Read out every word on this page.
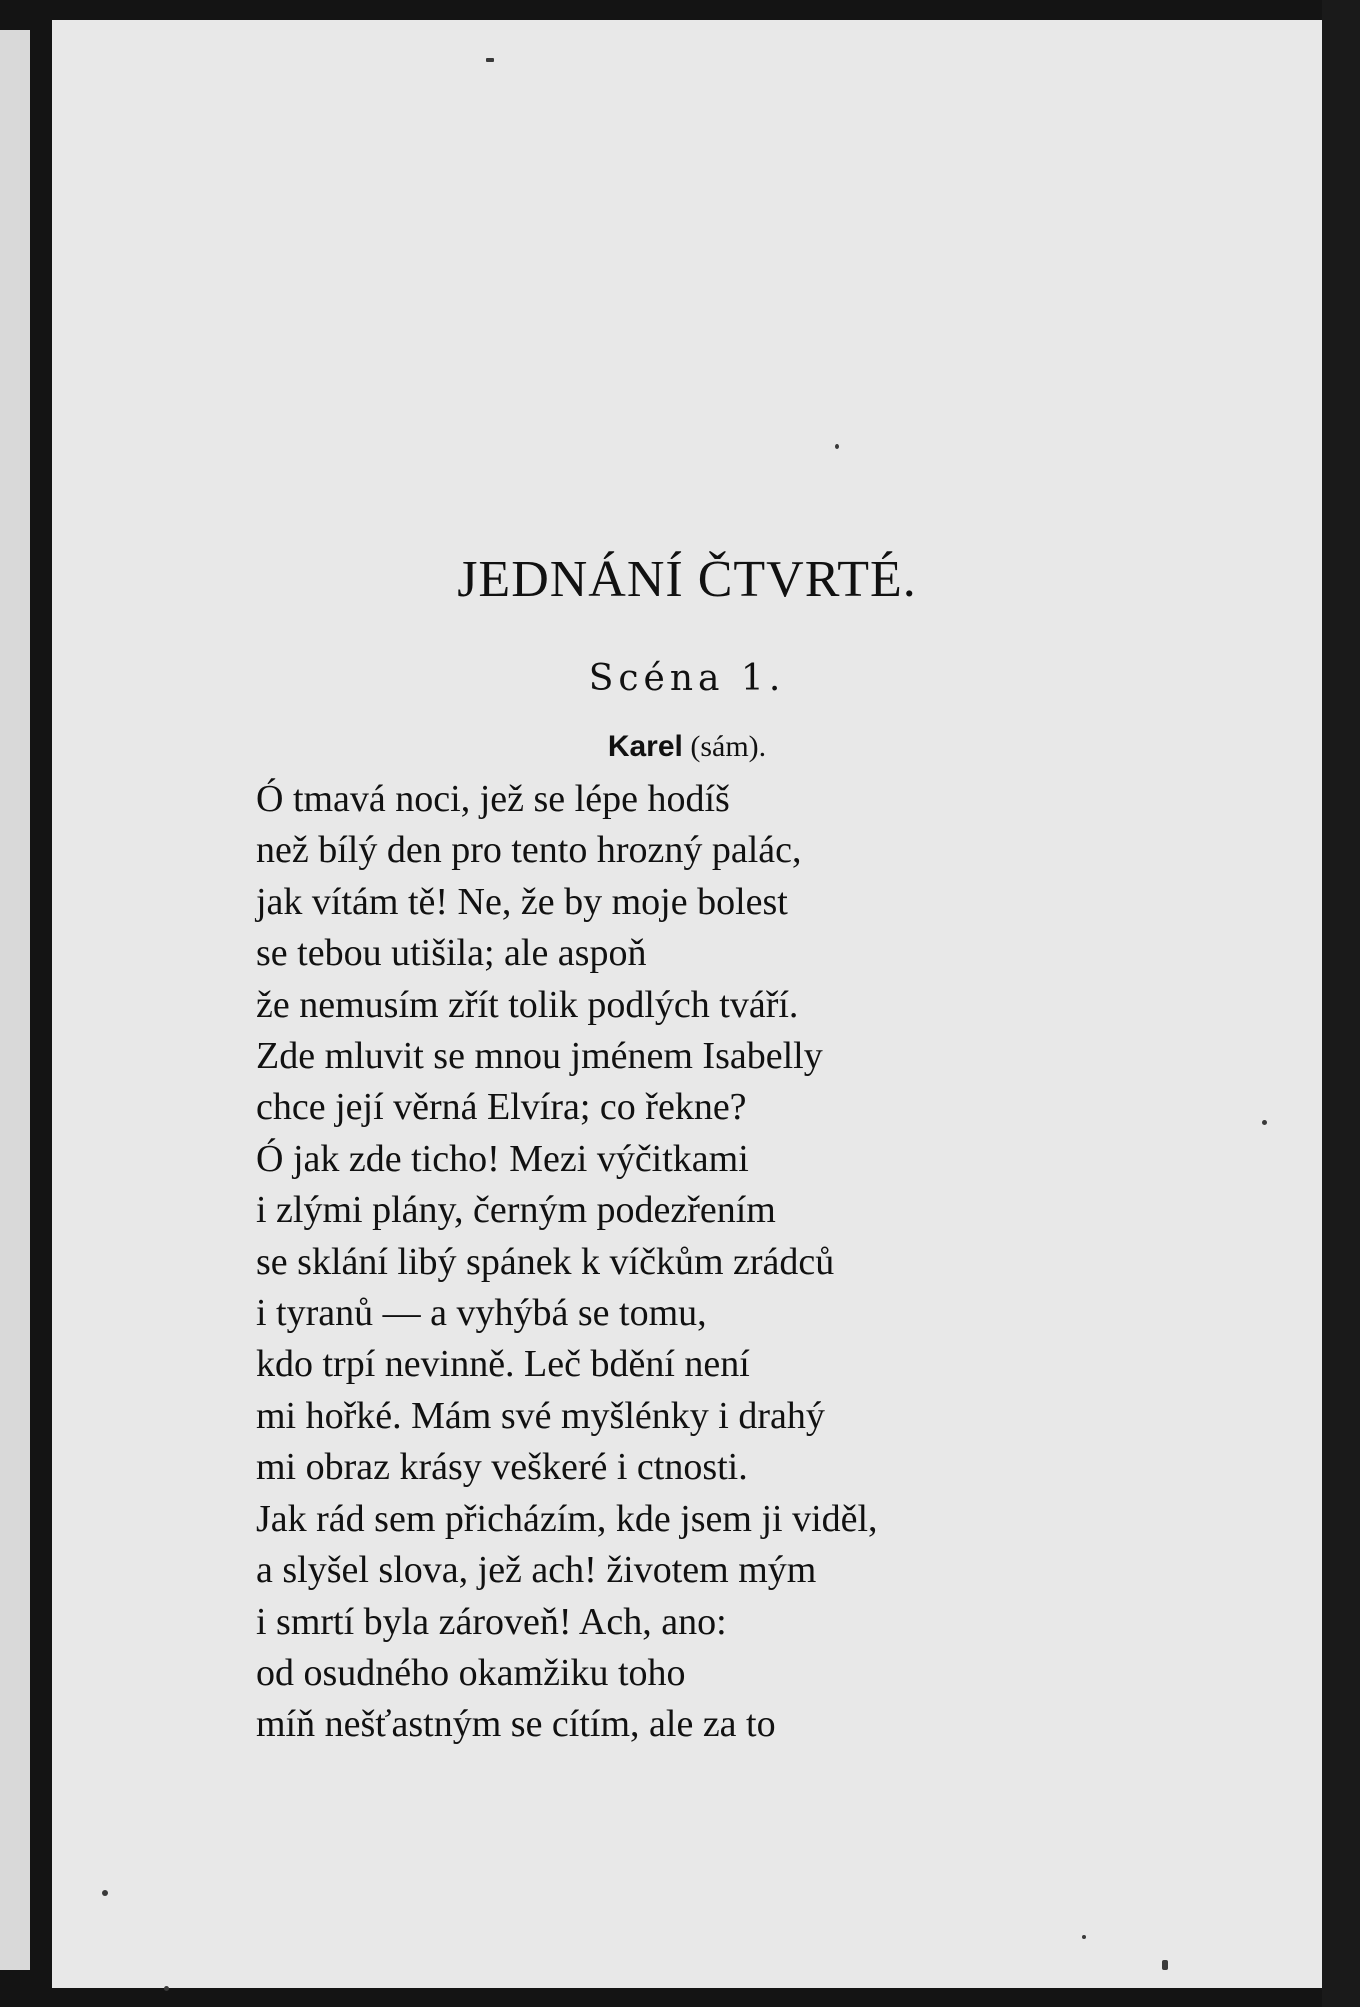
JEDNÁNÍ ČTVRTÉ.
Scéna 1.
Karel (sám).
Ó tmavá noci, jež se lépe hodíš
než bílý den pro tento hrozný palác,
jak vítám tě! Ne, že by moje bolest
se tebou utišila; ale aspoň
že nemusím zřít tolik podlých tváří.
Zde mluvit se mnou jménem Isabelly
chce její věrná Elvíra; co řekne?
Ó jak zde ticho! Mezi výčitkami
i zlými plány, černým podezřením
se sklání libý spánek k víčkům zrádců
i tyranů — a vyhýbá se tomu,
kdo trpí nevinně. Leč bdění není
mi hořké. Mám své myšlénky i drahý
mi obraz krásy veškeré i ctnosti.
Jak rád sem přicházím, kde jsem ji viděl,
a slyšel slova, jež ach! životem mým
i smrtí byla zároveň! Ach, ano:
od osudného okamžiku toho
míň nešťastným se cítím, ale za to
